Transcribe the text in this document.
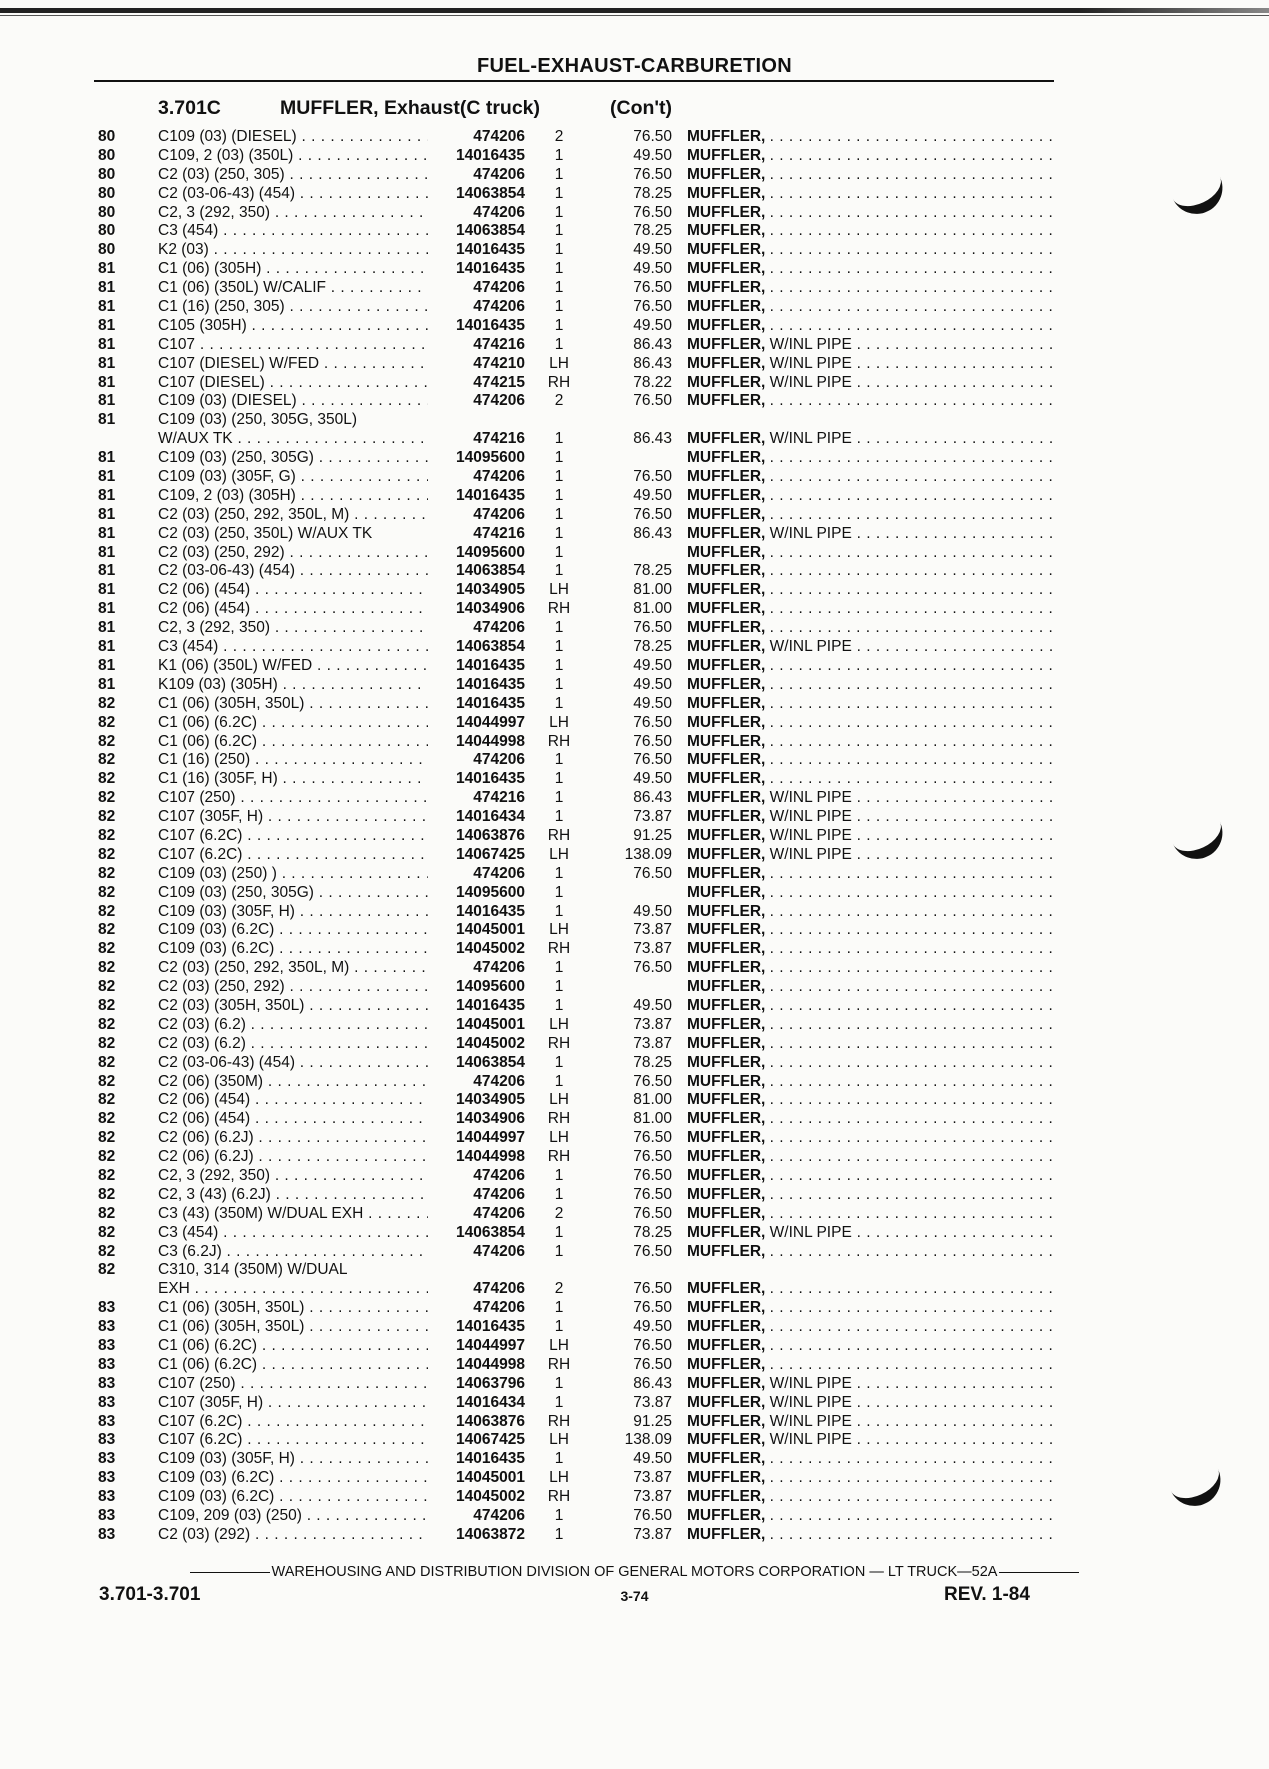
FUEL-EXHAUST-CARBURETION
3.701C	MUFFLER, Exhaust(C truck)	(Con't)
80	C109 (03) (DIESEL) . . .	474206	2	76.50 MUFFLER, . . .
80	C109, 2 (03) (350L) . . .	14016435	1	49.50 MUFFLER, . . .
80	C2 (03) (250, 305) . . .	474206	1	76.50 MUFFLER, . . .
80	C2 (03-06-43) (454) . . .	14063854	1	78.25 MUFFLER, . . .
80	C2, 3 (292, 350) . . .	474206	1	76.50 MUFFLER, . . .
80	C3 (454) . . .	14063854	1	78.25 MUFFLER, . . .
80	K2 (03) . . .	14016435	1	49.50 MUFFLER, . . .
81	C1 (06) (305H) . . .	14016435	1	49.50 MUFFLER, . . .
81	C1 (06) (350L) W/CALIF . . .	474206	1	76.50 MUFFLER, . . .
81	C1 (16) (250, 305) . . .	474206	1	76.50 MUFFLER, . . .
81	C105 (305H) . . .	14016435	1	49.50 MUFFLER, . . .
81	C107 . . .	474216	1	86.43 MUFFLER, W/INL PIPE . . .
81	C107 (DIESEL) W/FED . . .	474210	LH	86.43 MUFFLER, W/INL PIPE . . .
81	C107 (DIESEL) . . .	474215	RH	78.22 MUFFLER, W/INL PIPE . . .
81	C109 (03) (DIESEL) . . .	474206	2	76.50 MUFFLER, . . .
81	C109 (03) (250, 305G, 350L)
W/AUX TK . . .	474216	1	86.43 MUFFLER, W/INL PIPE . . .
81	C109 (03) (250, 305G) . . .	14095600	1	MUFFLER, . . .
81	C109 (03) (305F, G) . . .	474206	1	76.50 MUFFLER, . . .
81	C109, 2 (03) (305H) . . .	14016435	1	49.50 MUFFLER, . . .
81	C2 (03) (250, 292, 350L, M) . . .	474206	1	76.50 MUFFLER, . . .
81	C2 (03) (250, 350L) W/AUX TK	474216	1	86.43 MUFFLER, W/INL PIPE . . .
81	C2 (03) (250, 292) . . .	14095600	1	MUFFLER, . . .
81	C2 (03-06-43) (454) . . .	14063854	1	78.25 MUFFLER, . . .
81	C2 (06) (454) . . .	14034905	LH	81.00 MUFFLER, . . .
81	C2 (06) (454) . . .	14034906	RH	81.00 MUFFLER, . . .
81	C2, 3 (292, 350) . . .	474206	1	76.50 MUFFLER, . . .
81	C3 (454) . . .	14063854	1	78.25 MUFFLER, W/INL PIPE . . .
81	K1 (06) (350L) W/FED . . .	14016435	1	49.50 MUFFLER, . . .
81	K109 (03) (305H) . . .	14016435	1	49.50 MUFFLER, . . .
82	C1 (06) (305H, 350L) . . .	14016435	1	49.50 MUFFLER, . . .
82	C1 (06) (6.2C) . . .	14044997	LH	76.50 MUFFLER, . . .
82	C1 (06) (6.2C) . . .	14044998	RH	76.50 MUFFLER, . . .
82	C1 (16) (250) . . .	474206	1	76.50 MUFFLER, . . .
82	C1 (16) (305F, H) . . .	14016435	1	49.50 MUFFLER, . . .
82	C107 (250) . . .	474216	1	86.43 MUFFLER, W/INL PIPE . . .
82	C107 (305F, H) . . .	14016434	1	73.87 MUFFLER, W/INL PIPE . . .
82	C107 (6.2C) . . .	14063876	RH	91.25 MUFFLER, W/INL PIPE . . .
82	C107 (6.2C) . . .	14067425	LH	138.09 MUFFLER, W/INL PIPE . . .
82	C109 (03) (250) ) . . .	474206	1	76.50 MUFFLER, . . .
82	C109 (03) (250, 305G) . . .	14095600	1	MUFFLER, . . .
82	C109 (03) (305F, H) . . .	14016435	1	49.50 MUFFLER, . . .
82	C109 (03) (6.2C) . . .	14045001	LH	73.87 MUFFLER, . . .
82	C109 (03) (6.2C) . . .	14045002	RH	73.87 MUFFLER, . . .
82	C2 (03) (250, 292, 350L, M) . . .	474206	1	76.50 MUFFLER, . . .
82	C2 (03) (250, 292) . . .	14095600	1	MUFFLER, . . .
82	C2 (03) (305H, 350L) . . .	14016435	1	49.50 MUFFLER, . . .
82	C2 (03) (6.2) . . .	14045001	LH	73.87 MUFFLER, . . .
82	C2 (03) (6.2) . . .	14045002	RH	73.87 MUFFLER, . . .
82	C2 (03-06-43) (454) . . .	14063854	1	78.25 MUFFLER, . . .
82	C2 (06) (350M) . . .	474206	1	76.50 MUFFLER, . . .
82	C2 (06) (454) . . .	14034905	LH	81.00 MUFFLER, . . .
82	C2 (06) (454) . . .	14034906	RH	81.00 MUFFLER, . . .
82	C2 (06) (6.2J) . . .	14044997	LH	76.50 MUFFLER, . . .
82	C2 (06) (6.2J) . . .	14044998	RH	76.50 MUFFLER, . . .
82	C2, 3 (292, 350) . . .	474206	1	76.50 MUFFLER, . . .
82	C2, 3 (43) (6.2J) . . .	474206	1	76.50 MUFFLER, . . .
82	C3 (43) (350M) W/DUAL EXH . . .	474206	2	76.50 MUFFLER, . . .
82	C3 (454) . . .	14063854	1	78.25 MUFFLER, W/INL PIPE . . .
82	C3 (6.2J) . . .	474206	1	76.50 MUFFLER, . . .
82	C310, 314 (350M) W/DUAL
EXH . . .	474206	2	76.50 MUFFLER, . . .
83	C1 (06) (305H, 350L) . . .	474206	1	76.50 MUFFLER, . . .
83	C1 (06) (305H, 350L) . . .	14016435	1	49.50 MUFFLER, . . .
83	C1 (06) (6.2C) . . .	14044997	LH	76.50 MUFFLER, . . .
83	C1 (06) (6.2C) . . .	14044998	RH	76.50 MUFFLER, . . .
83	C107 (250) . . .	14063796	1	86.43 MUFFLER, W/INL PIPE . . .
83	C107 (305F, H) . . .	14016434	1	73.87 MUFFLER, W/INL PIPE . . .
83	C107 (6.2C) . . .	14063876	RH	91.25 MUFFLER, W/INL PIPE . . .
83	C107 (6.2C) . . .	14067425	LH	138.09 MUFFLER, W/INL PIPE . . .
83	C109 (03) (305F, H) . . .	14016435	1	49.50 MUFFLER, . . .
83	C109 (03) (6.2C) . . .	14045001	LH	73.87 MUFFLER, . . .
83	C109 (03) (6.2C) . . .	14045002	RH	73.87 MUFFLER, . . .
83	C109, 209 (03) (250) . . .	474206	1	76.50 MUFFLER, . . .
83	C2 (03) (292) . . .	14063872	1	73.87 MUFFLER, . . .
WAREHOUSING AND DISTRIBUTION DIVISION OF GENERAL MOTORS CORPORATION — LT TRUCK—52A
3.701-3.701	3-74	REV. 1-84
